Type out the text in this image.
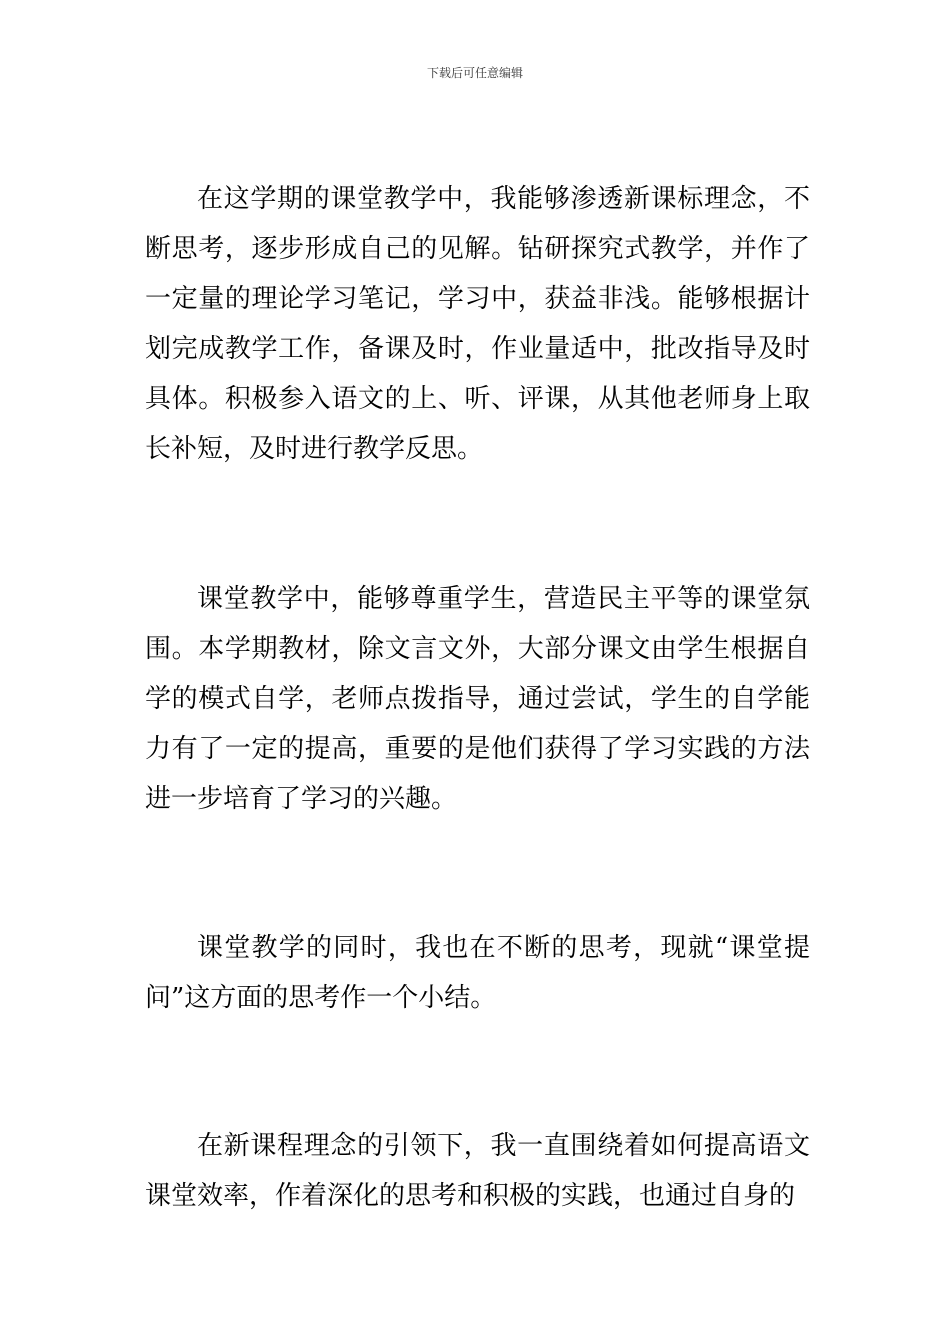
下载后可任意编辑

在这学期的课堂教学中，我能够渗透新课标理念，不断思考，逐步形成自己的见解。钻研探究式教学，并作了一定量的理论学习笔记，学习中，获益非浅。能够根据计划完成教学工作，备课及时，作业量适中，批改指导及时具体。积极参入语文的上、听、评课，从其他老师身上取长补短，及时进行教学反思。

课堂教学中，能够尊重学生，营造民主平等的课堂氛围。本学期教材，除文言文外，大部分课文由学生根据自学的模式自学，老师点拨指导，通过尝试，学生的自学能力有了一定的提高，重要的是他们获得了学习实践的方法进一步培育了学习的兴趣。

课堂教学的同时，我也在不断的思考，现就“课堂提问”这方面的思考作一个小结。

在新课程理念的引领下，我一直围绕着如何提高语文课堂效率，作着深化的思考和积极的实践，也通过自身的
